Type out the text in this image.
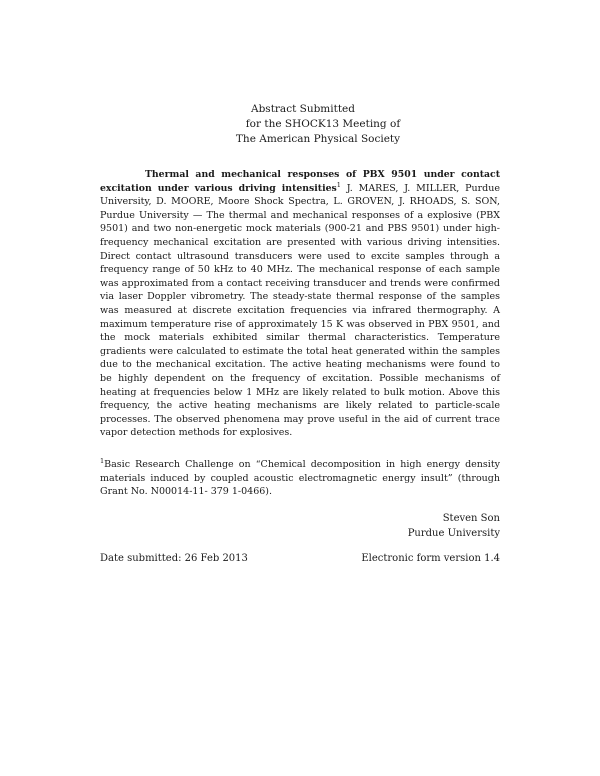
Abstract Submitted
for the SHOCK13 Meeting of
The American Physical Society

Thermal and mechanical responses of PBX 9501 under contact excitation under various driving intensities$^1$ J. MARES, J. MILLER, Purdue University, D. MOORE, Moore Shock Spectra, L. GROVEN, J. RHOADS, S. SON, Purdue University — The thermal and mechanical responses of a explosive (PBX 9501) and two non-energetic mock materials (900-21 and PBS 9501) under high-frequency mechanical excitation are presented with various driving intensities. Direct contact ultrasound transducers were used to excite samples through a frequency range of 50 kHz to 40 MHz. The mechanical response of each sample was approximated from a contact receiving transducer and trends were confirmed via laser Doppler vibrometry. The steady-state thermal response of the samples was measured at discrete excitation frequencies via infrared thermography. A maximum temperature rise of approximately 15 K was observed in PBX 9501, and the mock materials exhibited similar thermal characteristics. Temperature gradients were calculated to estimate the total heat generated within the samples due to the mechanical excitation. The active heating mechanisms were found to be highly dependent on the frequency of excitation. Possible mechanisms of heating at frequencies below 1 MHz are likely related to bulk motion. Above this frequency, the active heating mechanisms are likely related to particle-scale processes. The observed phenomena may prove useful in the aid of current trace vapor detection methods for explosives.

$^1$Basic Research Challenge on “Chemical decomposition in high energy density materials induced by coupled acoustic electromagnetic energy insult” (through Grant No. N00014-11- 379 1-0466).
Steven Son
Purdue University
Date submitted: 26 Feb 2013	Electronic form version 1.4
